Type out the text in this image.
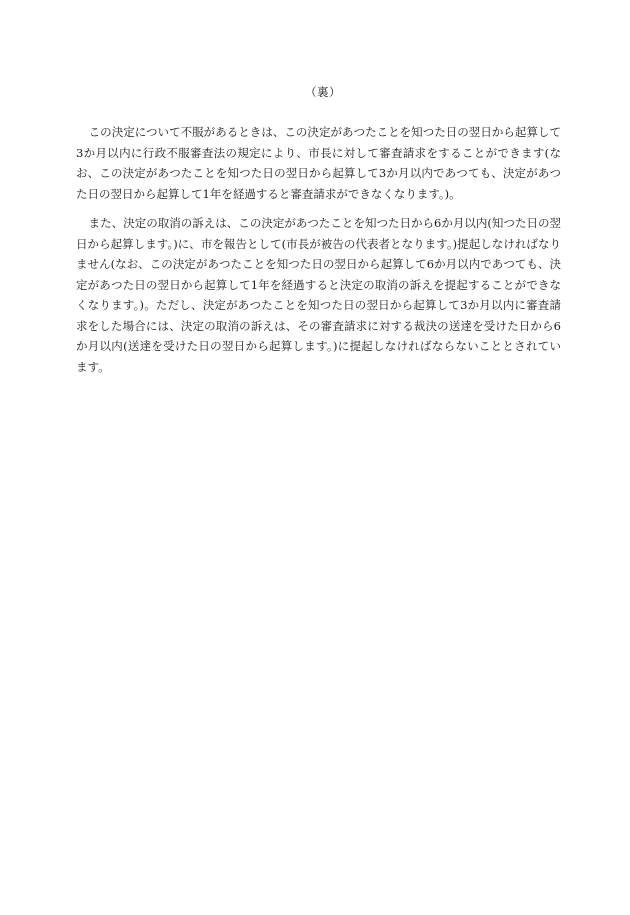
（裏）

この決定について不服があるときは、この決定があつたことを知つた日の翌日から起算して3か月以内に行政不服審査法の規定により、市長に対して審査請求をすることができます(なお、この決定があつたことを知つた日の翌日から起算して3か月以内であつても、決定があつた日の翌日から起算して1年を経過すると審査請求ができなくなります。)。

また、決定の取消の訴えは、この決定があつたことを知つた日から6か月以内(知つた日の翌日から起算します。)に、市を報告として(市長が被告の代表者となります。)提起しなければなりません(なお、この決定があつたことを知つた日の翌日から起算して6か月以内であつても、決定があつた日の翌日から起算して1年を経過すると決定の取消の訴えを提起することができなくなります。)。ただし、決定があつたことを知つた日の翌日から起算して3か月以内に審査請求をした場合には、決定の取消の訴えは、その審査請求に対する裁決の送達を受けた日から6か月以内(送達を受けた日の翌日から起算します。)に提起しなければならないこととされています。
